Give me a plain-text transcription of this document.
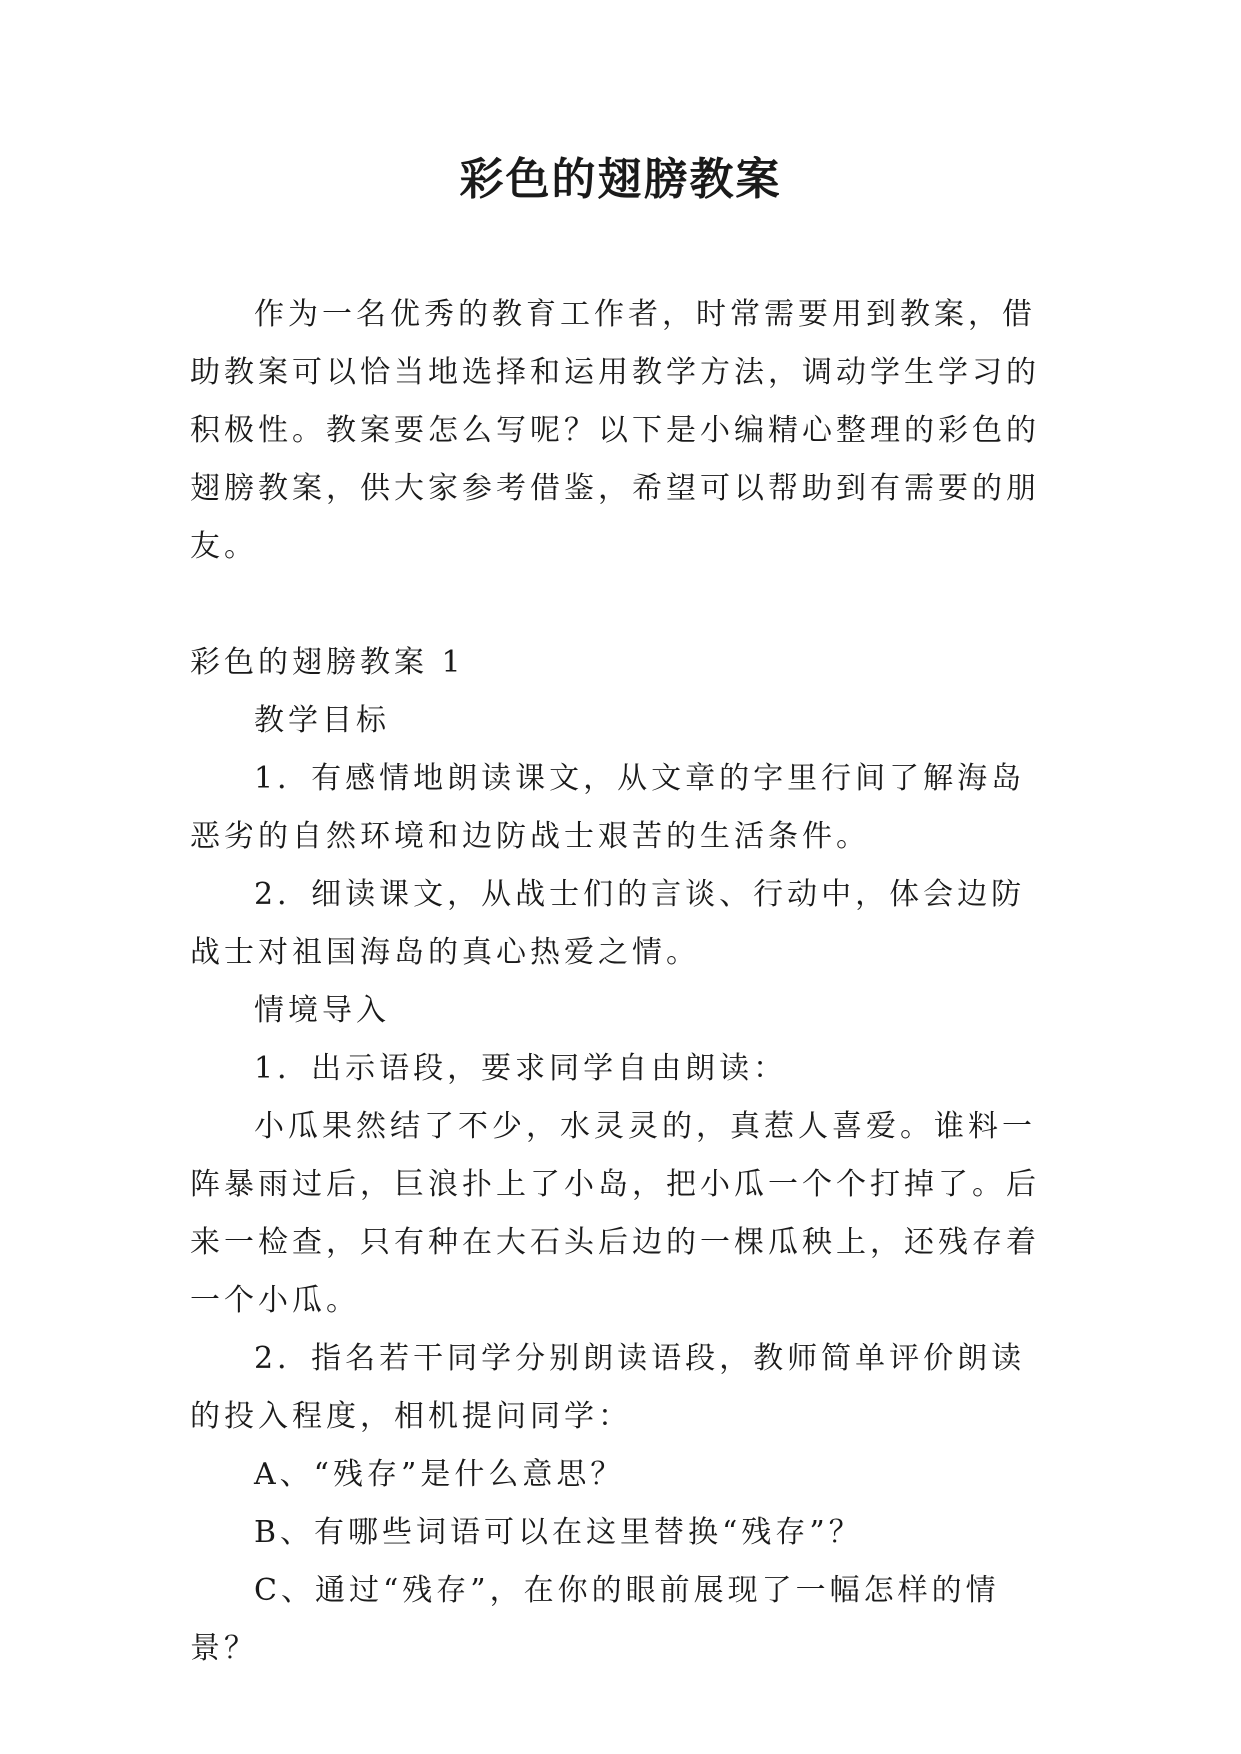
彩色的翅膀教案

作为一名优秀的教育工作者，时常需要用到教案，借助教案可以恰当地选择和运用教学方法，调动学生学习的积极性。教案要怎么写呢？以下是小编精心整理的彩色的翅膀教案，供大家参考借鉴，希望可以帮助到有需要的朋友。

彩色的翅膀教案 1

教学目标

1．有感情地朗读课文，从文章的字里行间了解海岛恶劣的自然环境和边防战士艰苦的生活条件。

2．细读课文，从战士们的言谈、行动中，体会边防战士对祖国海岛的真心热爱之情。

情境导入

1．出示语段，要求同学自由朗读：

小瓜果然结了不少，水灵灵的，真惹人喜爱。谁料一阵暴雨过后，巨浪扑上了小岛，把小瓜一个个打掉了。后来一检查，只有种在大石头后边的一棵瓜秧上，还残存着一个小瓜。

2．指名若干同学分别朗读语段，教师简单评价朗读的投入程度，相机提问同学：

A、“残存”是什么意思？

B、有哪些词语可以在这里替换“残存”？

C、通过“残存”，在你的眼前展现了一幅怎样的情景？
